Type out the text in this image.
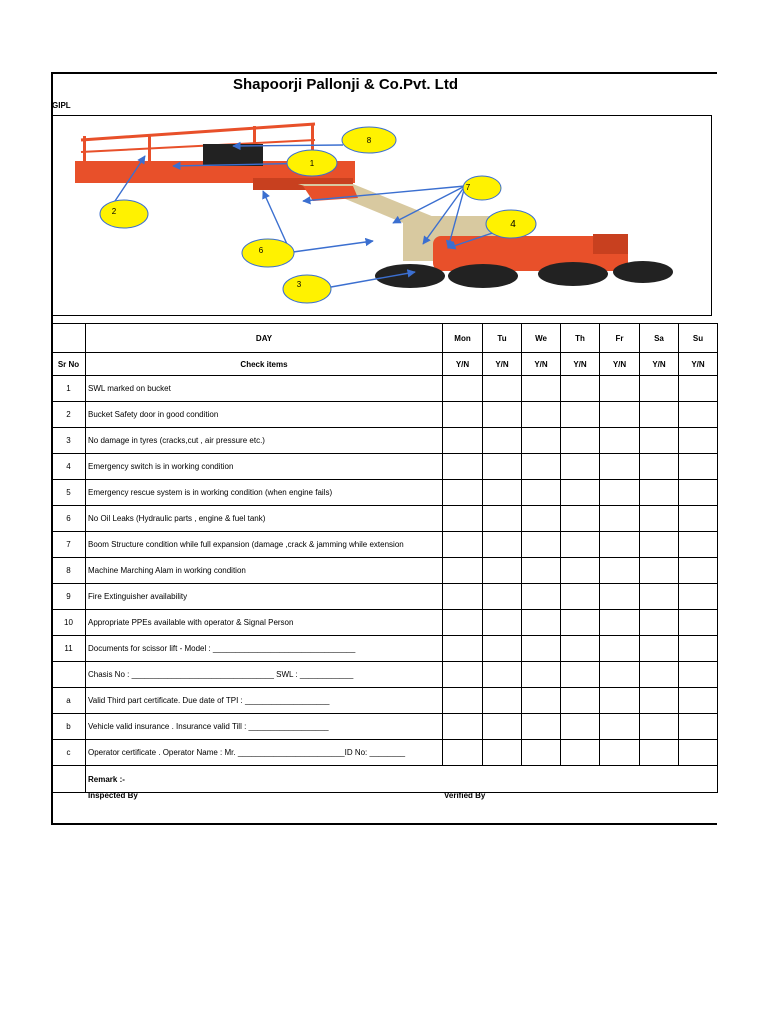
Shapoorji Pallonji & Co.Pvt. Ltd
GIPL
8
1
7
2
4
6
3
	DAY	Mon	Tu	We	Th	Fr	Sa	Su
Sr No	Check items	Y/N	Y/N	Y/N	Y/N	Y/N	Y/N	Y/N
1	SWL marked on bucket							
2	Bucket Safety door in good condition							
3	No damage in tyres (cracks,cut , air pressure etc.)							
4	Emergency switch is in working condition							
5	Emergency rescue system is in working condition (when engine fails)							
6	No Oil Leaks (Hydraulic parts , engine & fuel tank)							
7	Boom Structure condition while full expansion (damage ,crack & jamming while extension							
8	Machine Marching Alam in working condition							
9	Fire Extinguisher availability							
10	Appropriate PPEs available with operator & Signal Person							
11	Documents for scissor lift - Model : ________________________________							
	Chasis No : ________________________________ SWL : ____________							
a	Valid Third part certificate. Due date of TPI : ___________________							
b	Vehicle valid insurance . Insurance valid Till : __________________							
c	Operator certificate . Operator Name : Mr. ________________________ID No: ________							
	Remark :-							
Inspected By	Verified By
